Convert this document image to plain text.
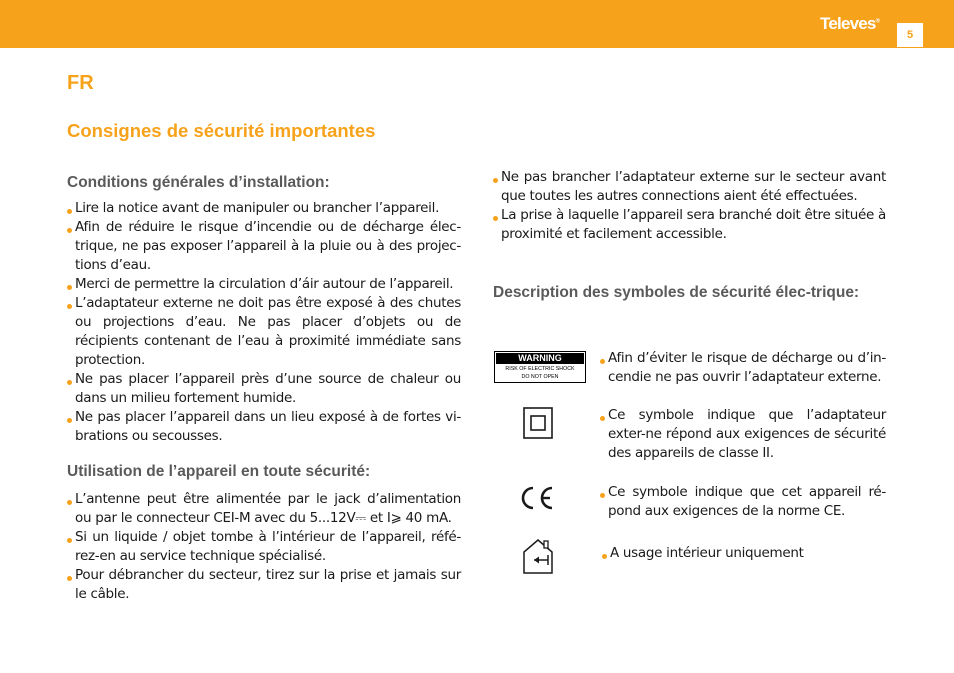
Televes®
5
FR
Consignes de sécurité importantes
Conditions générales d’installation:
Lire la notice avant de manipuler ou brancher l’appareil.
Afin de réduire le risque d’incendie ou de décharge élec-trique, ne pas exposer l’appareil à la pluie ou à des projec-tions d’eau.
Merci de permettre la circulation d’áir autour de l’appareil.
L’adaptateur externe ne doit pas être exposé à des chutes ou projections d’eau. Ne pas placer d’objets ou de récipients contenant de l’eau à proximité immédiate sans protection.
Ne pas placer l’appareil près d’une source de chaleur ou dans un milieu fortement humide.
Ne pas placer l’appareil dans un lieu exposé à de fortes vi-brations ou secousses.
Utilisation de l’appareil en toute sécurité:
L’antenne peut être alimentée par le jack d’alimentation ou par le connecteur CEI-M avec du 5...12V⎓ et I⩾ 40 mA.
Si un liquide / objet tombe à l’intérieur de l’appareil, réfé-rez-en au service technique spécialisé.
Pour débrancher du secteur, tirez sur la prise et jamais sur le câble.
Ne pas brancher l’adaptateur externe sur le secteur avant que toutes les autres connections aient été effectuées.
La prise à laquelle l’appareil sera branché doit être située à proximité et facilement accessible.
Description des symboles de sécurité élec-trique:
WARNING
RISK OF ELECTRIC SHOCK
DO NOT OPEN
Afin d’éviter le risque de décharge ou d’in-cendie ne pas ouvrir l’adaptateur externe.
Ce symbole indique que l’adaptateur exter-ne répond aux exigences de sécurité des appareils de classe II.
Ce symbole indique que cet appareil ré-pond aux exigences de la norme CE.
A usage intérieur uniquement
